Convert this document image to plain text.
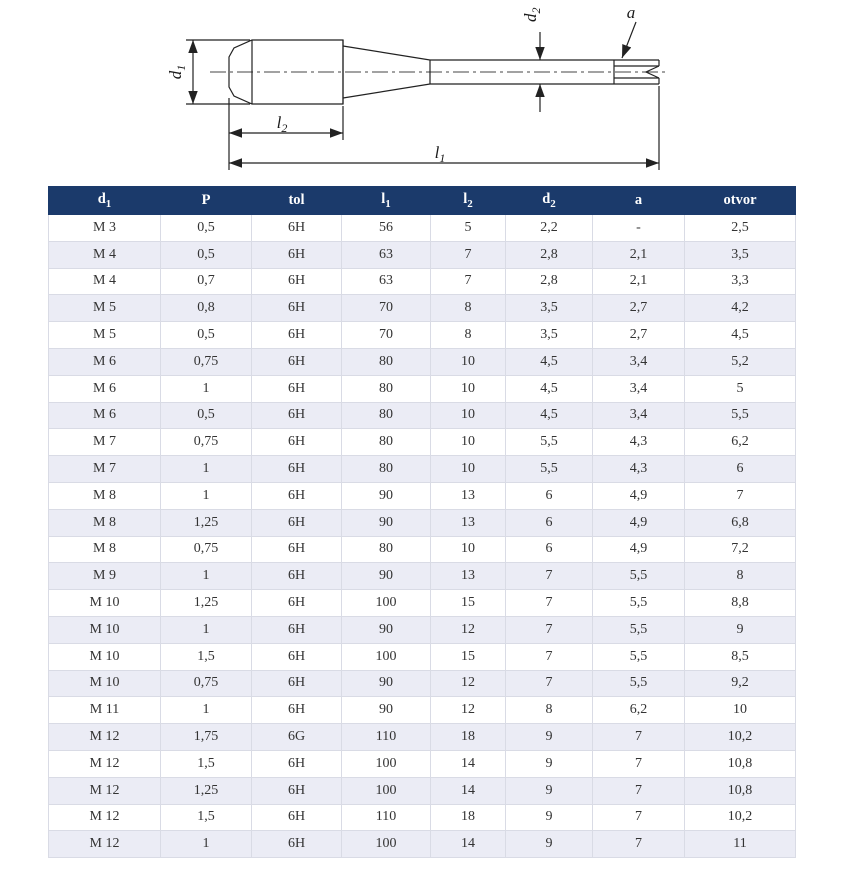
$d_1$
$l_2$
$l_1$
$d_2$	a
$d_1$	P	tol	$l_1$	$l_2$	$d_2$	a	otvor
M 3	0,5	6H	56	5	2,2	-	2,5
M 4	0,5	6H	63	7	2,8	2,1	3,5
M 4	0,7	6H	63	7	2,8	2,1	3,3
M 5	0,8	6H	70	8	3,5	2,7	4,2
M 5	0,5	6H	70	8	3,5	2,7	4,5
M 6	0,75	6H	80	10	4,5	3,4	5,2
M 6	1	6H	80	10	4,5	3,4	5
M 6	0,5	6H	80	10	4,5	3,4	5,5
M 7	0,75	6H	80	10	5,5	4,3	6,2
M 7	1	6H	80	10	5,5	4,3	6
M 8	1	6H	90	13	6	4,9	7
M 8	1,25	6H	90	13	6	4,9	6,8
M 8	0,75	6H	80	10	6	4,9	7,2
M 9	1	6H	90	13	7	5,5	8
M 10	1,25	6H	100	15	7	5,5	8,8
M 10	1	6H	90	12	7	5,5	9
M 10	1,5	6H	100	15	7	5,5	8,5
M 10	0,75	6H	90	12	7	5,5	9,2
M 11	1	6H	90	12	8	6,2	10
M 12	1,75	6G	110	18	9	7	10,2
M 12	1,5	6H	100	14	9	7	10,8
M 12	1,25	6H	100	14	9	7	10,8
M 12	1,5	6H	110	18	9	7	10,2
M 12	1	6H	100	14	9	7	11
